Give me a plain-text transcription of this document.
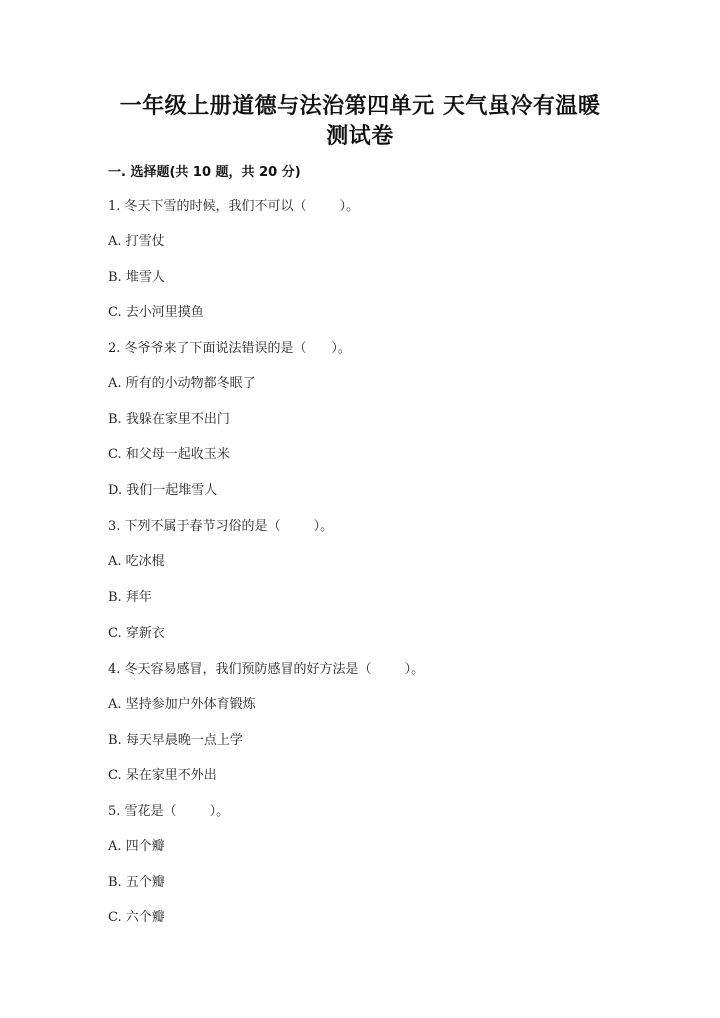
一年级上册道德与法治第四单元 天气虽冷有温暖
测试卷
一. 选择题(共 10 题，共 20 分)
1. 冬天下雪的时候，我们不可以（        ）。
A. 打雪仗
B. 堆雪人
C. 去小河里摸鱼
2. 冬爷爷来了下面说法错误的是（      ）。
A. 所有的小动物都冬眠了
B. 我躲在家里不出门
C. 和父母一起收玉米
D. 我们一起堆雪人
3. 下列不属于春节习俗的是（        ）。
A. 吃冰棍
B. 拜年
C. 穿新衣
4. 冬天容易感冒，我们预防感冒的好方法是（        ）。
A. 坚持参加户外体育锻炼
B. 每天早晨晚一点上学
C. 呆在家里不外出
5. 雪花是（        ）。
A. 四个瓣
B. 五个瓣
C. 六个瓣
